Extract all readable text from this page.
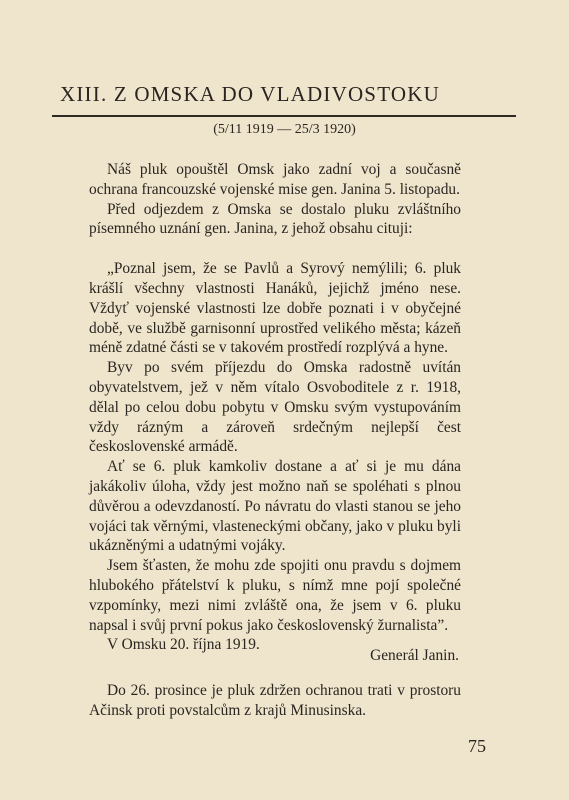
XIII. Z OMSKA DO VLADIVOSTOKU
(5/11 1919 — 25/3 1920)

Náš pluk opouštěl Omsk jako zadní voj a současně ochrana francouzské vojenské mise gen. Janina 5. listopadu.

Před odjezdem z Omska se dostalo pluku zvláštního písemného uznání gen. Janina, z jehož obsahu cituji:

„Poznal jsem, že se Pavlů a Syrový nemýlili; 6. pluk krášlí všechny vlastnosti Hanáků, jejichž jméno nese. Vždyť vojenské vlastnosti lze dobře poznati i v obyčejné době, ve službě garnisonní uprostřed velikého města; kázeň méně zdatné části se v takovém prostředí rozplývá a hyne.

Byv po svém příjezdu do Omska radostně uvítán obyvatelstvem, jež v něm vítalo Osvoboditele z r. 1918, dělal po celou dobu pobytu v Omsku svým vystupováním vždy rázným a zároveň srdečným nejlepší čest československé armádě.

Ať se 6. pluk kamkoliv dostane a ať si je mu dána jakákoliv úloha, vždy jest možno naň se spoléhati s plnou důvěrou a odevzdaností. Po návratu do vlasti stanou se jeho vojáci tak věrnými, vlasteneckými občany, jako v pluku byli ukázněnými a udatnými vojáky.

Jsem šťasten, že mohu zde spojiti onu pravdu s dojmem hlubokého přátelství k pluku, s nímž mne pojí společné vzpomínky, mezi nimi zvláště ona, že jsem v 6. pluku napsal i svůj první pokus jako československý žurnalista”.

V Omsku 20. října 1919.
Generál Janin.

Do 26. prosince je pluk zdržen ochranou trati v prostoru Ačinsk proti povstalcům z krajů Minusinska.

75
